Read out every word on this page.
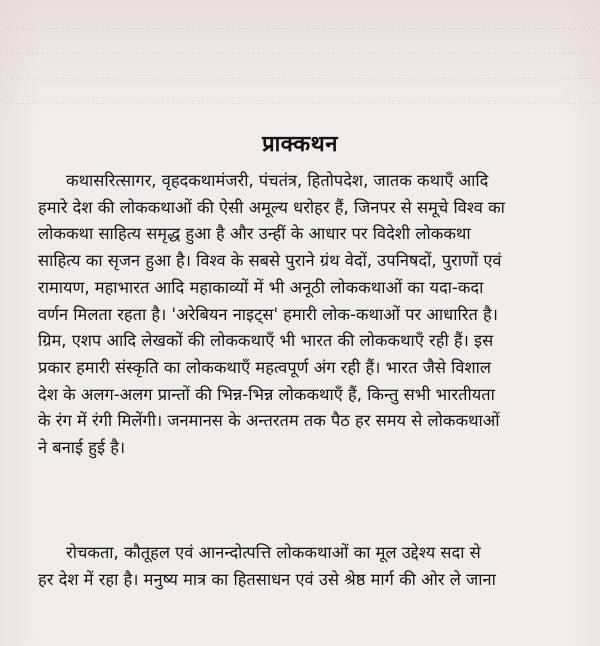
प्राक्कथन

कथासरित्सागर, वृहदकथामंजरी, पंचतंत्र, हितोपदेश, जातक कथाएँ आदि
हमारे देश की लोककथाओं की ऐसी अमूल्य धरोहर हैं, जिनपर से समूचे विश्व का
लोककथा साहित्य समृद्ध हुआ है और उन्हीं के आधार पर विदेशी लोककथा
साहित्य का सृजन हुआ है। विश्व के सबसे पुराने ग्रंथ वेदों, उपनिषदों, पुराणों एवं
रामायण, महाभारत आदि महाकाव्यों में भी अनूठी लोककथाओं का यदा-कदा
वर्णन मिलता रहता है। 'अरेबियन नाइट्स' हमारी लोक-कथाओं पर आधारित है।
ग्रिम, एशप आदि लेखकों की लोककथाएँ भी भारत की लोककथाएँ रही हैं। इस
प्रकार हमारी संस्कृति का लोककथाएँ महत्वपूर्ण अंग रही हैं। भारत जैसे विशाल
देश के अलग-अलग प्रान्तों की भिन्न-भिन्न लोककथाएँ हैं, किन्तु सभी भारतीयता
के रंग में रंगी मिलेंगी। जनमानस के अन्तरतम तक पैठ हर समय से लोककथाओं
ने बनाई हुई है।

रोचकता, कौतूहल एवं आनन्दोत्पत्ति लोककथाओं का मूल उद्देश्य सदा से
हर देश में रहा है। मनुष्य मात्र का हितसाधन एवं उसे श्रेष्ठ मार्ग की ओर ले जाना
